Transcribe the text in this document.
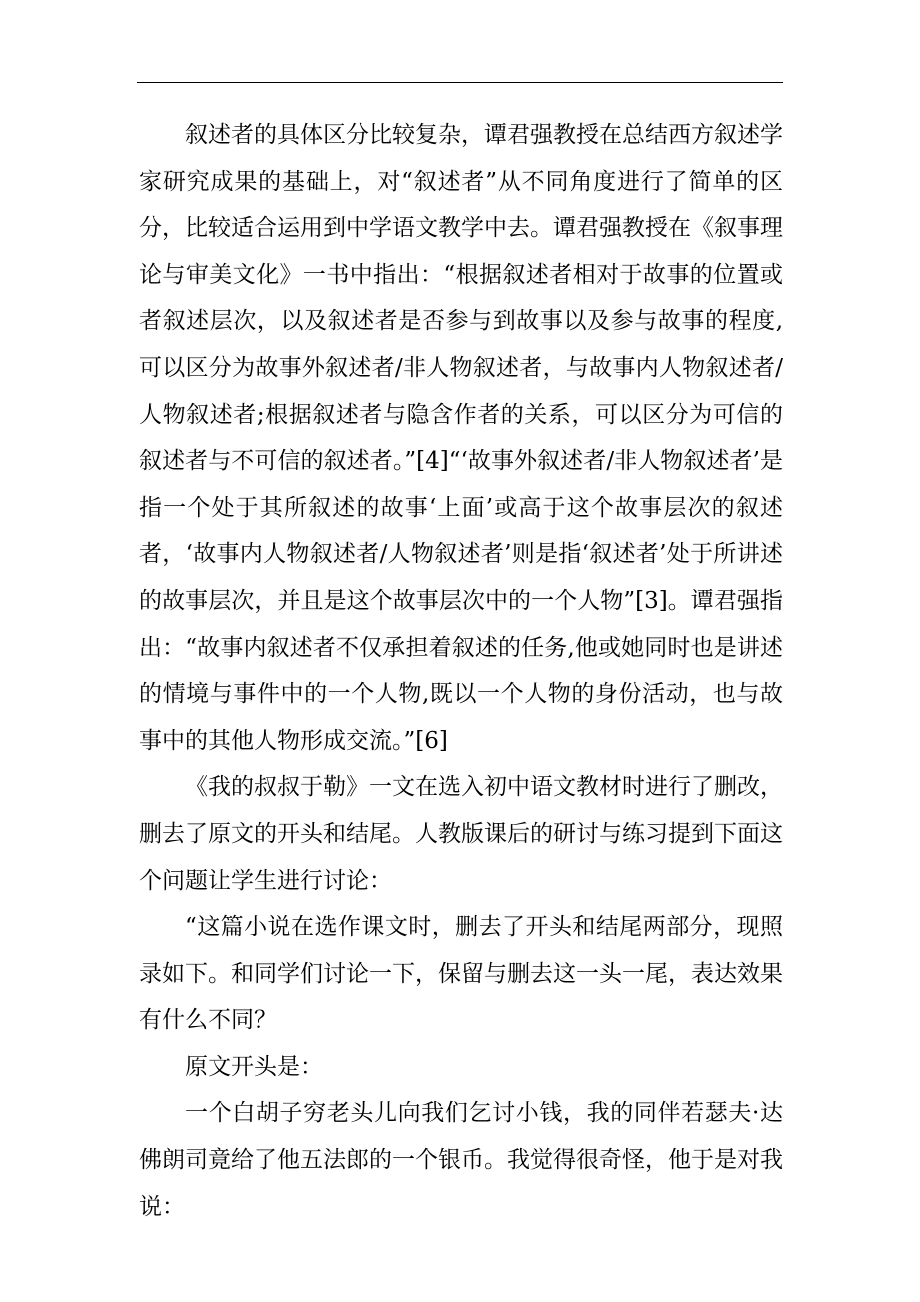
叙述者的具体区分比较复杂，谭君强教授在总结西方叙述学家研究成果的基础上，对“叙述者”从不同角度进行了简单的区分，比较适合运用到中学语文教学中去。谭君强教授在《叙事理论与审美文化》一书中指出：“根据叙述者相对于故事的位置或者叙述层次，以及叙述者是否参与到故事以及参与故事的程度,可以区分为故事外叙述者/非人物叙述者，与故事内人物叙述者/人物叙述者;根据叙述者与隐含作者的关系，可以区分为可信的叙述者与不可信的叙述者。”[4]“‘故事外叙述者/非人物叙述者’是指一个处于其所叙述的故事‘上面’或高于这个故事层次的叙述者，‘故事内人物叙述者/人物叙述者’则是指‘叙述者’处于所讲述的故事层次，并且是这个故事层次中的一个人物”[3]。谭君强指出：“故事内叙述者不仅承担着叙述的任务,他或她同时也是讲述的情境与事件中的一个人物,既以一个人物的身份活动，也与故事中的其他人物形成交流。”[6]

《我的叔叔于勒》一文在选入初中语文教材时进行了删改，删去了原文的开头和结尾。人教版课后的研讨与练习提到下面这个问题让学生进行讨论：

“这篇小说在选作课文时，删去了开头和结尾两部分，现照录如下。和同学们讨论一下，保留与删去这一头一尾，表达效果有什么不同？

原文开头是：

一个白胡子穷老头儿向我们乞讨小钱，我的同伴若瑟夫·达佛朗司竟给了他五法郎的一个银币。我觉得很奇怪，他于是对我说：
